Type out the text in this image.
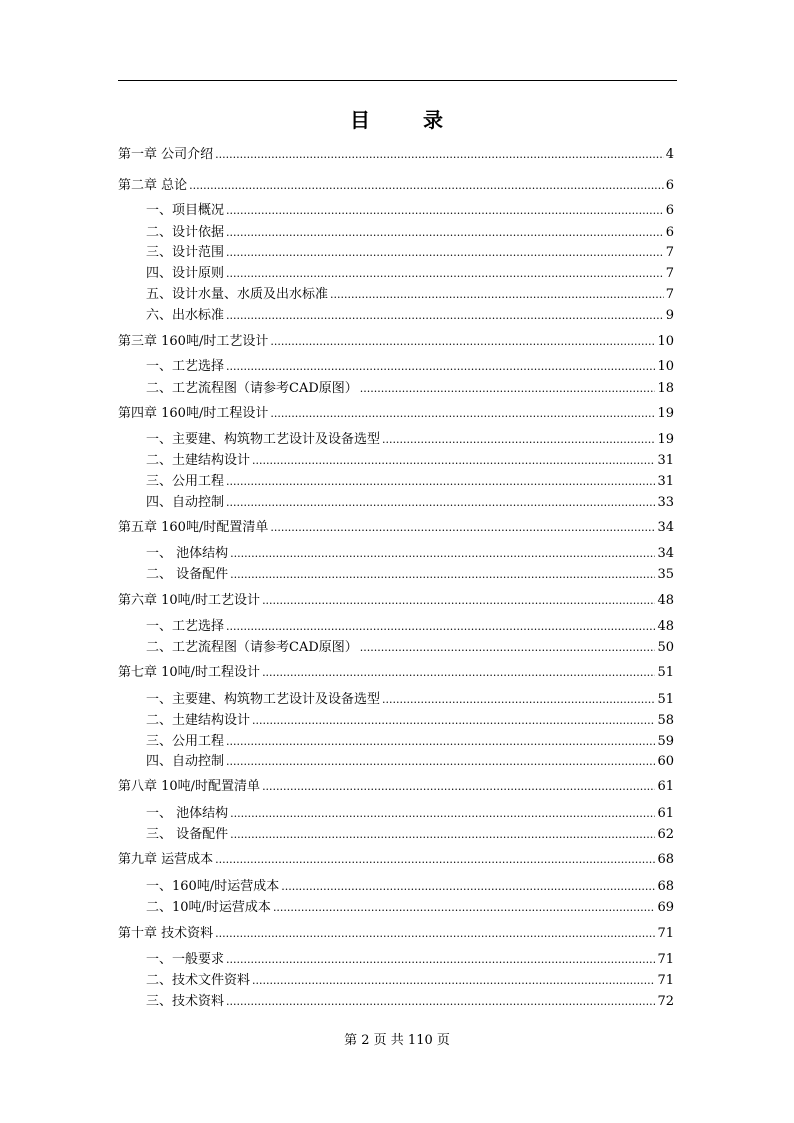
目	录
第一章 公司介绍 .....	4
第二章 总论 .....	6
一、项目概况 .....	6
二、设计依据 .....	6
三、设计范围 .....	7
四、设计原则 .....	7
五、设计水量、水质及出水标准 .....	7
六、出水标准 .....	9
第三章 160吨/时工艺设计 .....	10
一、工艺选择 .....	10
二、工艺流程图（请参考CAD原图） .....	18
第四章 160吨/时工程设计 .....	19
一、主要建、构筑物工艺设计及设备选型 .....	19
二、土建结构设计 .....	31
三、公用工程 .....	31
四、自动控制 .....	33
第五章 160吨/时配置清单 .....	34
一、 池体结构 .....	34
二、 设备配件 .....	35
第六章 10吨/时工艺设计 .....	48
一、工艺选择 .....	48
二、工艺流程图（请参考CAD原图） .....	50
第七章 10吨/时工程设计 .....	51
一、主要建、构筑物工艺设计及设备选型 .....	51
二、土建结构设计 .....	58
三、公用工程 .....	59
四、自动控制 .....	60
第八章 10吨/时配置清单 .....	61
一、 池体结构 .....	61
三、 设备配件 .....	62
第九章 运营成本 .....	68
一、160吨/时运营成本 .....	68
二、10吨/时运营成本 .....	69
第十章 技术资料 .....	71
一、一般要求 .....	71
二、技术文件资料 .....	71
三、技术资料 .....	72
第 2 页 共 110 页
